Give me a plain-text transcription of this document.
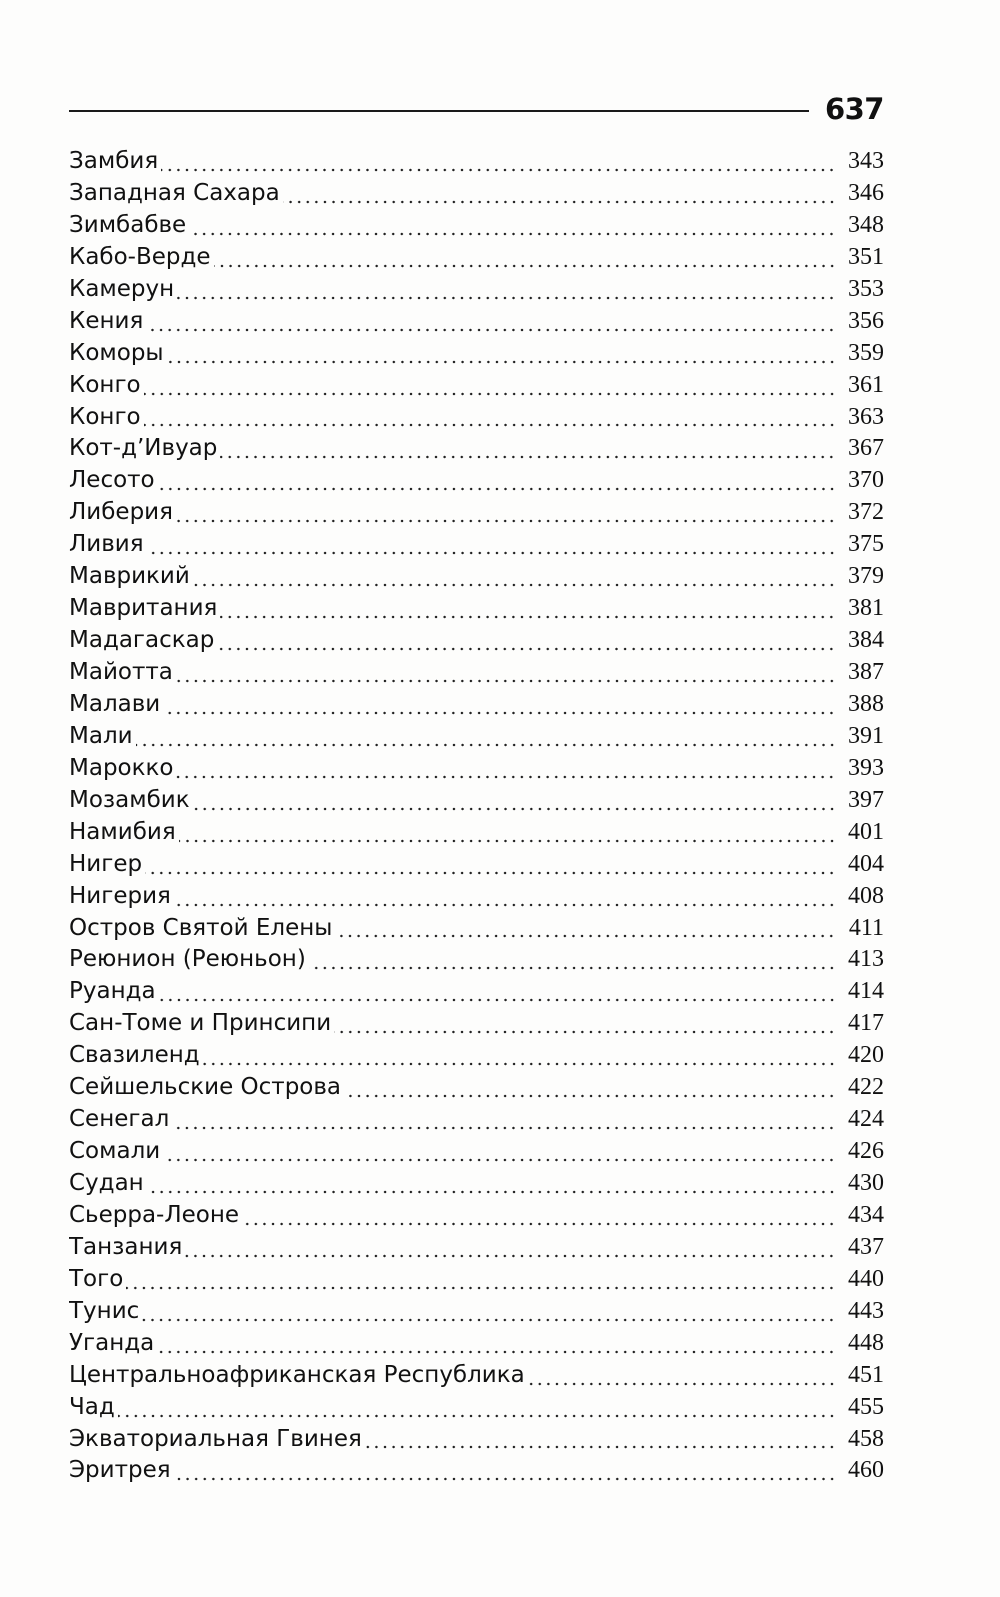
637
Замбия	343
Западная Сахара	346
Зимбабве	348
Кабо-Верде	351
Камерун	353
Кения	356
Коморы	359
Конго	361
Конго	363
Кот-д’Ивуар	367
Лесото	370
Либерия	372
Ливия	375
Маврикий	379
Мавритания	381
Мадагаскар	384
Майотта	387
Малави	388
Мали	391
Марокко	393
Мозамбик	397
Намибия	401
Нигер	404
Нигерия	408
Остров Святой Елены	411
Реюнион (Реюньон)	413
Руанда	414
Сан-Томе и Принсипи	417
Свазиленд	420
Сейшельские Острова	422
Сенегал	424
Сомали	426
Судан	430
Сьерра-Леоне	434
Танзания	437
Того	440
Тунис	443
Уганда	448
Центральноафриканская Республика	451
Чад	455
Экваториальная Гвинея	458
Эритрея	460
